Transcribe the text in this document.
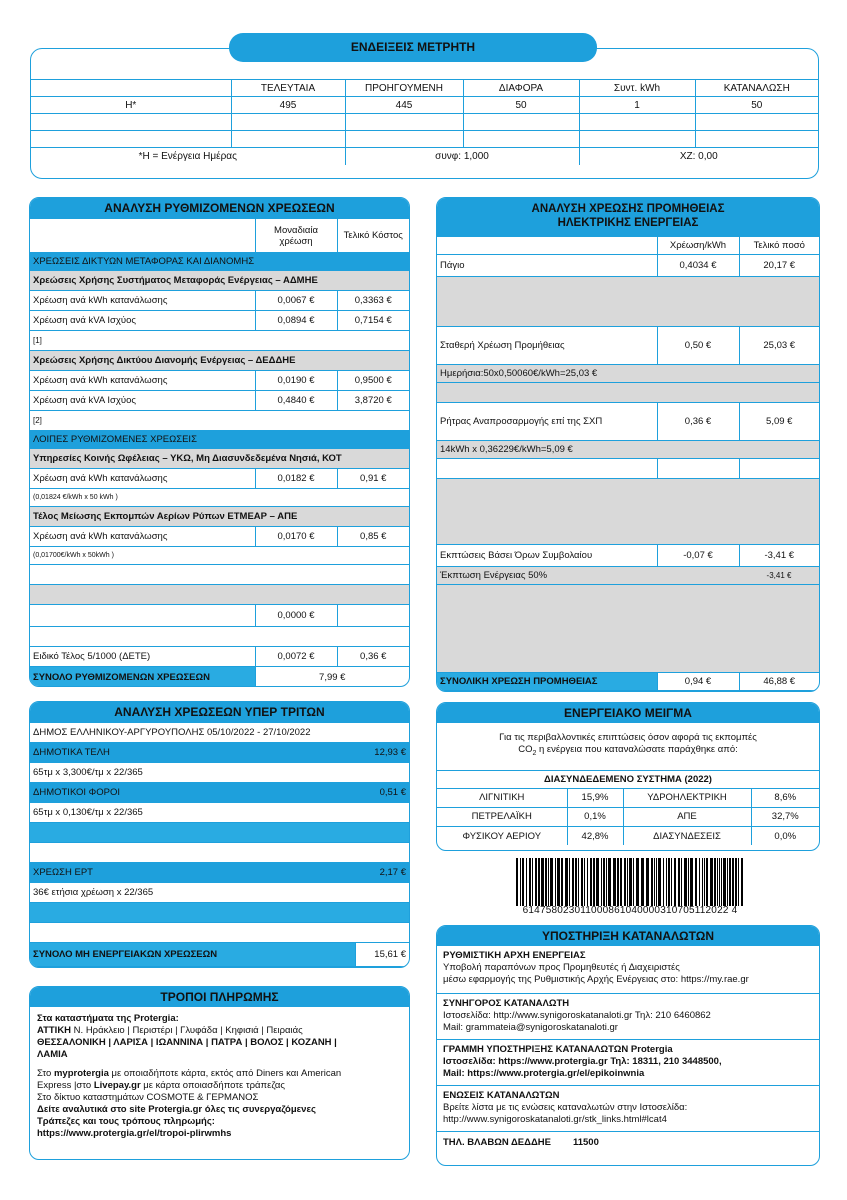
	ΤΕΛΕΥΤΑΙΑ	ΠΡΟΗΓΟΥΜΕΝΗ	ΔΙΑΦΟΡΑ	Συντ. kWh	ΚΑΤΑΝΑΛΩΣΗ
Η*	495	445	50	1	50

*Η = Ενέργεια Ημέρας		συνφ: 1,000		ΧΖ: 0,00	
ΕΝΔΕΙΞΕΙΣ ΜΕΤΡΗΤΗ
ΑΝΑΛΥΣΗ ΡΥΘΜΙΖΟΜΕΝΩΝ ΧΡΕΩΣΕΩΝ
	Μοναδιαία χρέωση	Τελικό Κόστος
ΧΡΕΩΣΕΙΣ ΔΙΚΤΥΩΝ ΜΕΤΑΦΟΡΑΣ ΚΑΙ ΔΙΑΝΟΜΗΣ		
Χρεώσεις Χρήσης Συστήματος Μεταφοράς Ενέργειας – ΑΔΜΗΕ		
Χρέωση ανά kWh κατανάλωσης	0,0067 €	0,3363 €
Χρέωση ανά kVA Ισχύος	0,0894 €	0,7154 €
[1]		
Χρεώσεις Χρήσης Δικτύου Διανομής Ενέργειας – ΔΕΔΔΗΕ		
Χρέωση ανά kWh κατανάλωσης	0,0190 €	0,9500 €
Χρέωση ανά kVA Ισχύος	0,4840 €	3,8720 €
[2]		
ΛΟΙΠΕΣ ΡΥΘΜΙΖΟΜΕΝΕΣ ΧΡΕΩΣΕΙΣ		
Υπηρεσίες Κοινής Ωφέλειας – ΥΚΩ, Μη Διασυνδεδεμένα Νησιά, ΚΟΤ		
Χρέωση ανά kWh κατανάλωσης	0,0182 €	0,91 €
(0,01824 €/kWh x 50 kWh )		
Τέλος Μείωσης Εκπομπών Αερίων Ρύπων ΕΤΜΕΑΡ – ΑΠΕ		
Χρέωση ανά kWh κατανάλωσης	0,0170 €	0,85 €
(0,01700€/kWh x 50kWh )		

	0,0000 €	

Ειδικό Τέλος 5/1000 (ΔΕΤΕ)	0,0072 €	0,36 €
ΣΥΝΟΛΟ ΡΥΘΜΙΖΟΜΕΝΩΝ ΧΡΕΩΣΕΩΝ	7,99 €	
ΑΝΑΛΥΣΗ ΧΡΕΩΣΗΣ ΠΡΟΜΗΘΕΙΑΣ
ΗΛΕΚΤΡΙΚΗΣ ΕΝΕΡΓΕΙΑΣ
	Χρέωση/kWh	Τελικό ποσό
Πάγιο	0,4034 €	20,17 €

Σταθερή Χρέωση Προμήθειας	0,50 €	25,03 €
Ημερήσια:50x0,50060€/kWh=25,03 €		

Ρήτρας Αναπροσαρμογής επί της ΣΧΠ	0,36 €	5,09 €
14kWh x 0,36229€/kWh=5,09 €		

Εκπτώσεις Βάσει Όρων Συμβολαίου	-0,07 €	-3,41 €
Έκπτωση Ενέργειας 50%		-3,41 €

ΣΥΝΟΛΙΚΗ ΧΡΕΩΣΗ ΠΡΟΜΗΘΕΙΑΣ	0,94 €	46,88 €
ΑΝΑΛΥΣΗ ΧΡΕΩΣΕΩΝ ΥΠΕΡ ΤΡΙΤΩΝ
ΔΗΜΟΣ ΕΛΛΗΝΙΚΟΥ-ΑΡΓΥΡΟΥΠΟΛΗΣ 05/10/2022 - 27/10/2022	
ΔΗΜΟΤΙΚΑ ΤΕΛΗ	12,93 €
65τμ x 3,300€/τμ x 22/365	
ΔΗΜΟΤΙΚΟΙ ΦΟΡΟΙ	0,51 €
65τμ x 0,130€/τμ x 22/365	

ΧΡΕΩΣΗ ΕΡΤ	2,17 €
36€ ετήσια χρέωση x 22/365	

ΣΥΝΟΛΟ ΜΗ ΕΝΕΡΓΕΙΑΚΩΝ ΧΡΕΩΣΕΩΝ	15,61 €
ΕΝΕΡΓΕΙΑΚΟ ΜΕΙΓΜΑ
Για τις περιβαλλοντικές επιπτώσεις όσον αφορά τις εκπομπές
$CO_2$ η ενέργεια που καταναλώσατε παράχθηκε από:
ΔΙΑΣΥΝΔΕΔΕΜΕΝΟ ΣΥΣΤΗΜΑ (2022)
ΛΙΓΝΙΤΙΚΗ	15,9%	ΥΔΡΟΗΛΕΚΤΡΙΚΗ	8,6%
ΠΕΤΡΕΛΑΪΚΗ	0,1%	ΑΠΕ	32,7%
ΦΥΣΙΚΟΥ ΑΕΡΙΟΥ	42,8%	ΔΙΑΣΥΝΔΕΣΕΙΣ	0,0%
614758023011000861040000310705112022 4
ΥΠΟΣΤΗΡΙΞΗ ΚΑΤΑΝΑΛΩΤΩΝ

ΡΥΘΜΙΣΤΙΚΗ ΑΡΧΗ ΕΝΕΡΓΕΙΑΣ

Υποβολή παραπόνων προς Προμηθευτές ή Διαχειριστές

μέσω εφαρμογής της Ρυθμιστικής Αρχής Ενέργειας στο: https://my.rae.gr

ΣΥΝΗΓΟΡΟΣ ΚΑΤΑΝΑΛΩΤΗ

Ιστοσελίδα: http://www.synigoroskatanaloti.gr Τηλ: 210 6460862

Mail: grammateia@synigoroskatanaloti.gr

ΓΡΑΜΜΗ ΥΠΟΣΤΗΡΙΞΗΣ ΚΑΤΑΝΑΛΩΤΩΝ Protergia

Ιστοσελίδα: https://www.protergia.gr Τηλ: 18311, 210 3448500,

Mail: https://www.protergia.gr/el/epikoinwnia

ΕΝΩΣΕΙΣ ΚΑΤΑΝΑΛΩΤΩΝ

Βρείτε λίστα με τις ενώσεις καταναλωτών στην Ιστοσελίδα:

http://www.synigoroskatanaloti.gr/stk_links.html#lcat4

ΤΗΛ. ΒΛΑΒΩΝ ΔΕΔΔΗΕ 11500
ΤΡΟΠΟΙ ΠΛΗΡΩΜΗΣ

Στα καταστήματα της Protergia:

ΑΤΤΙΚΗ Ν. Ηράκλειο | Περιστέρι | Γλυφάδα | Κηφισιά | Πειραιάς

ΘΕΣΣΑΛΟΝΙΚΗ | ΛΑΡΙΣΑ | ΙΩΑΝΝΙΝΑ | ΠΑΤΡΑ | ΒΟΛΟΣ | ΚΟΖΑΝΗ |

ΛΑΜΙΑ

Στο myprotergia με οποιαδήποτε κάρτα, εκτός από Diners και American

Express |στο Livepay.gr με κάρτα οποιασδήποτε τράπεζας

Στο δίκτυο καταστημάτων COSMOTE & ΓΕΡΜΑΝΟΣ

Δείτε αναλυτικά στο site Protergia.gr όλες τις συνεργαζόμενες

Τράπεζες και τους τρόπους πληρωμής:

https://www.protergia.gr/el/tropoi-plirwmhs
